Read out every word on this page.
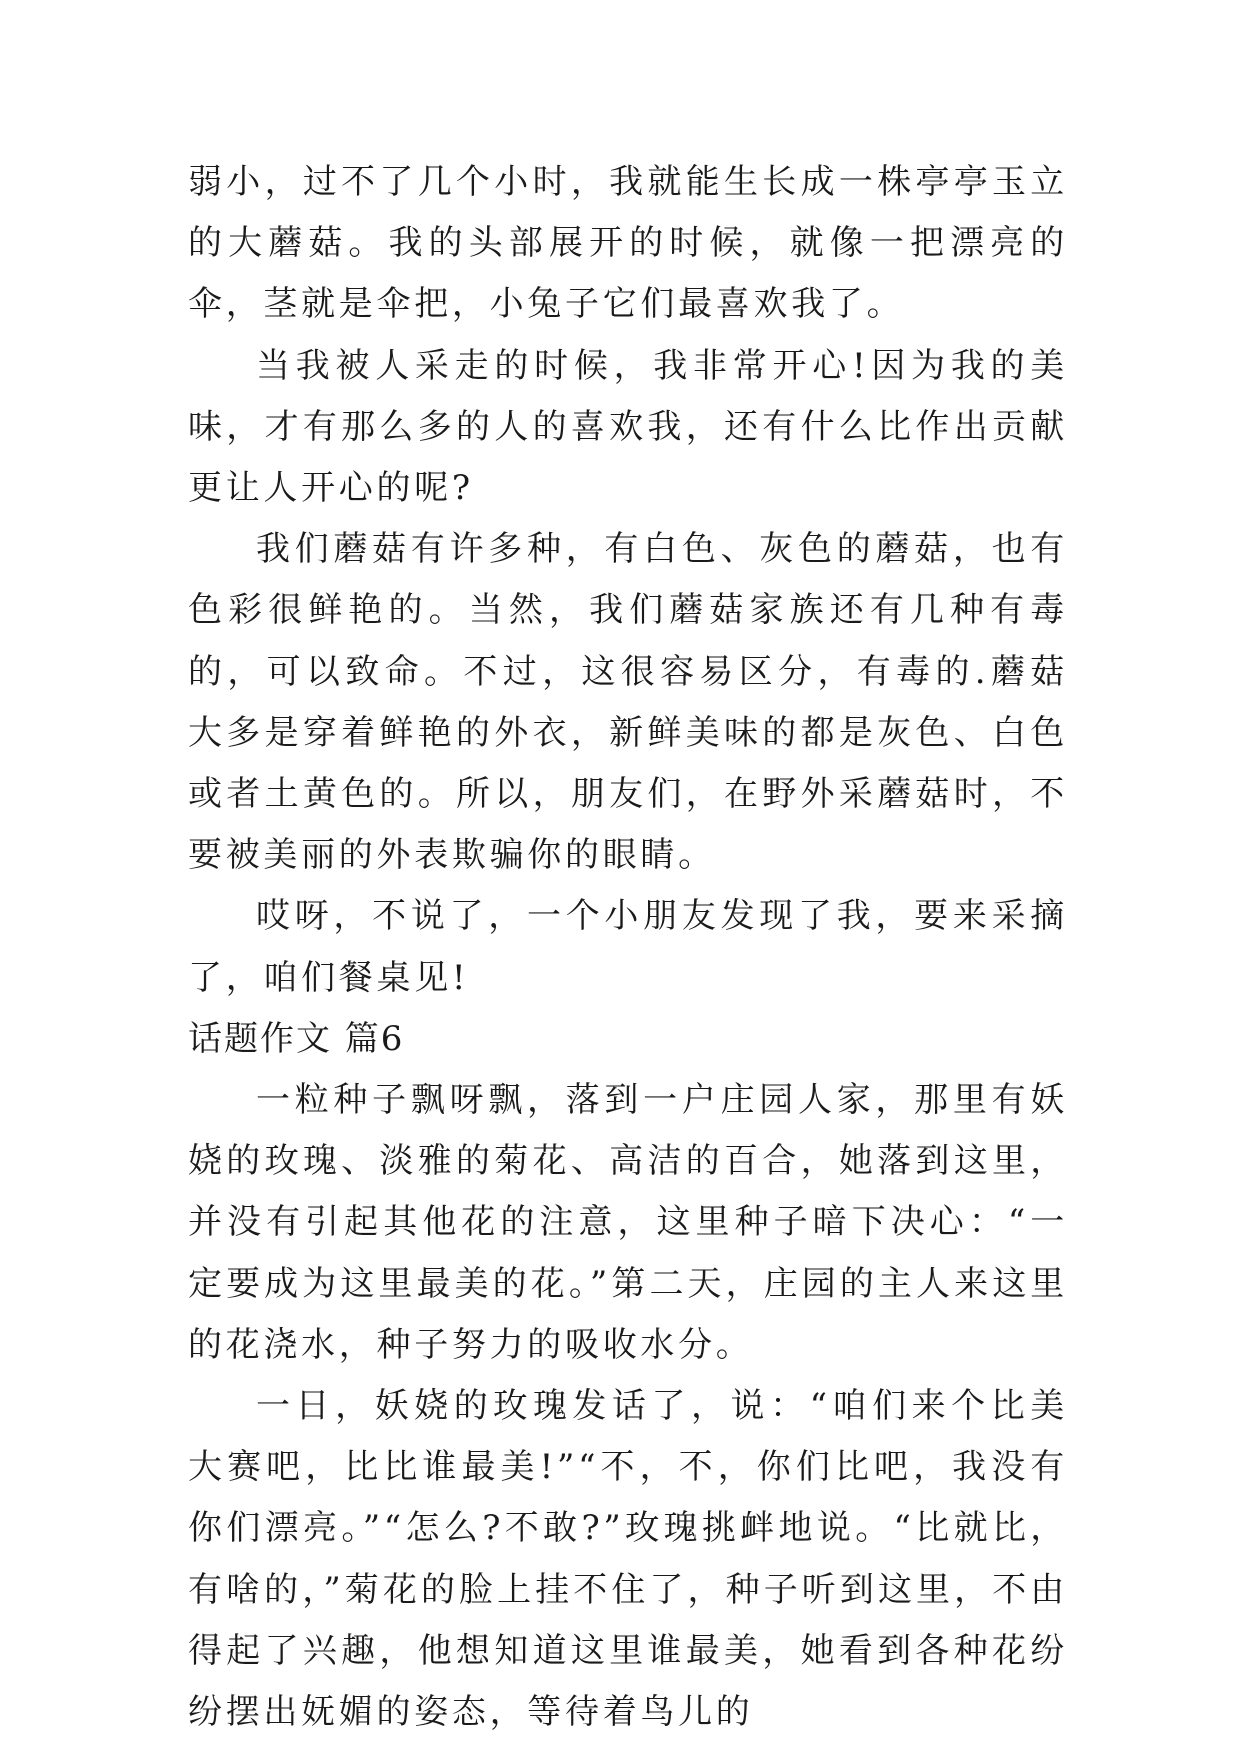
弱小，过不了几个小时，我就能生长成一株亭亭玉立的大蘑菇。我的头部展开的时候，就像一把漂亮的伞，茎就是伞把，小兔子它们最喜欢我了。

当我被人采走的时候，我非常开心!因为我的美味，才有那么多的人的喜欢我，还有什么比作出贡献更让人开心的呢?

我们蘑菇有许多种，有白色、灰色的蘑菇，也有色彩很鲜艳的。当然，我们蘑菇家族还有几种有毒的，可以致命。不过，这很容易区分，有毒的.蘑菇大多是穿着鲜艳的外衣，新鲜美味的都是灰色、白色或者土黄色的。所以，朋友们，在野外采蘑菇时，不要被美丽的外表欺骗你的眼睛。

哎呀，不说了，一个小朋友发现了我，要来采摘了，咱们餐桌见!

话题作文 篇6

一粒种子飘呀飘，落到一户庄园人家，那里有妖娆的玫瑰、淡雅的菊花、高洁的百合，她落到这里，并没有引起其他花的注意，这里种子暗下决心：“一定要成为这里最美的花。”第二天，庄园的主人来这里的花浇水，种子努力的吸收水分。

一日，妖娆的玫瑰发话了，说：“咱们来个比美大赛吧，比比谁最美!”“不，不，你们比吧，我没有你们漂亮。”“怎么?不敢?”玫瑰挑衅地说。“比就比，有啥的，”菊花的脸上挂不住了，种子听到这里，不由得起了兴趣，他想知道这里谁最美，她看到各种花纷纷摆出妩媚的姿态，等待着鸟儿的
